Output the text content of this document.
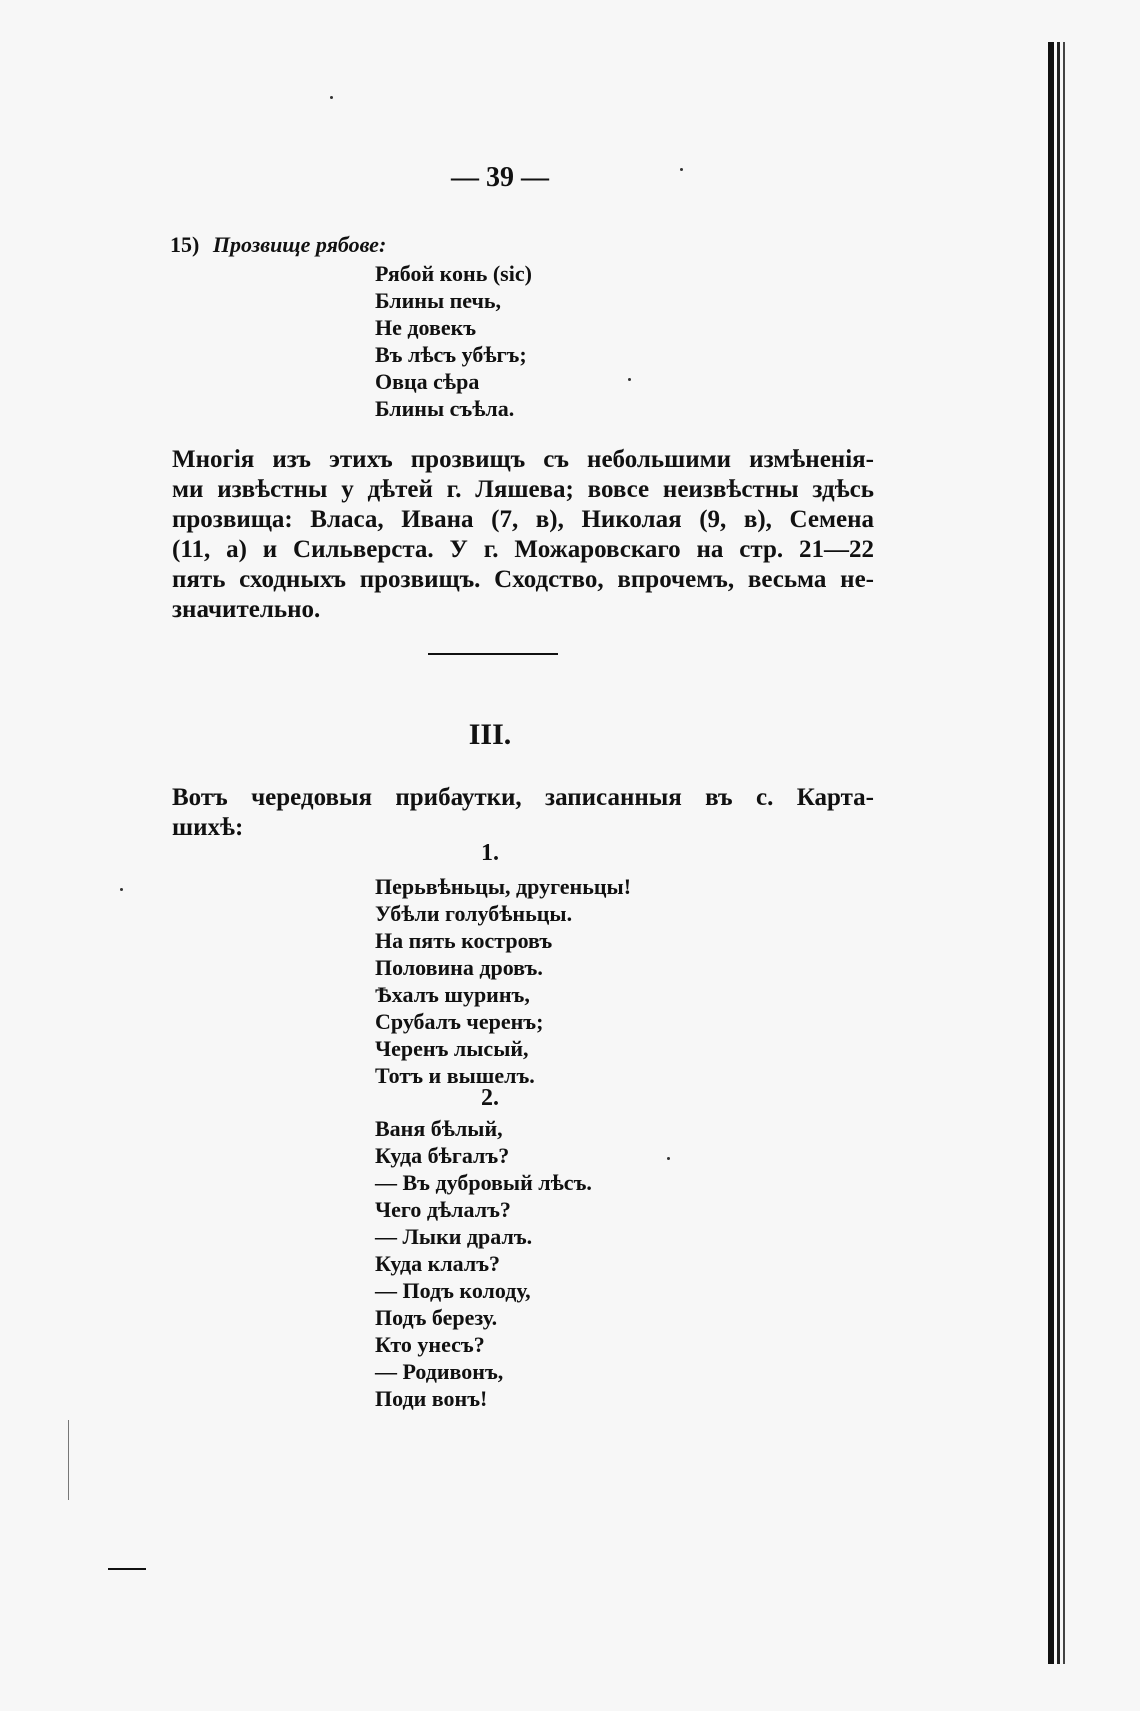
— 39 —
15) Прозвище рябове:
Рябой конь (sic)
Блины печь,
Не довекъ
Въ лѣсъ убѣгъ;
Овца сѣра
Блины съѣла.
Многія изъ этихъ прозвищъ съ небольшими измѣненія-
ми извѣстны у дѣтей г. Ляшева; вовсе неизвѣстны здѣсь
прозвища: Власа, Ивана (7, в), Николая (9, в), Семена
(11, а) и Сильверста. У г. Можаровскаго на стр. 21—22
пять сходныхъ прозвищъ. Сходство, впрочемъ, весьма не-
значительно.
III.
Вотъ чередовыя прибаутки, записанныя въ с. Карта-
шихѣ:
1.
Перьвѣньцы, другеньцы!
Убѣли голубѣньцы.
На пять костровъ
Половина дровъ.
Ѣхалъ шуринъ,
Срубалъ черенъ;
Черенъ лысый,
Тотъ и вышелъ.
2.
Ваня бѣлый,
Куда бѣгалъ?
— Въ дубровый лѣсъ.
Чего дѣлалъ?
— Лыки дралъ.
Куда клалъ?
— Подъ колоду,
Подъ березу.
Кто унесъ?
— Родивонъ,
Поди вонъ!
